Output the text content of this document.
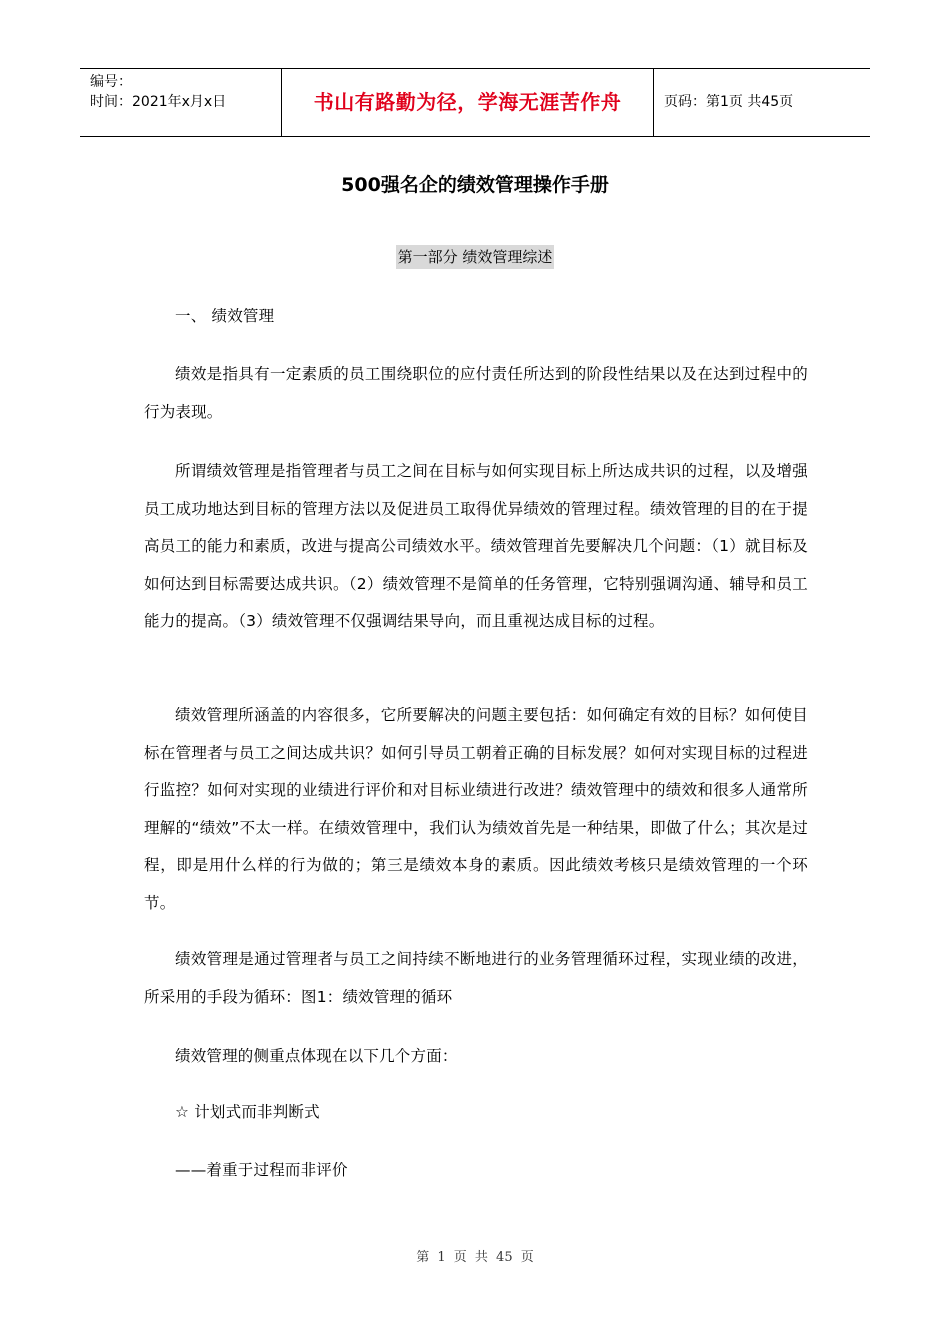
编号：
时间：2021年x月x日	书山有路勤为径，学海无涯苦作舟	页码：第1页 共45页
500强名企的绩效管理操作手册
第一部分 绩效管理综述

一、 绩效管理

绩效是指具有一定素质的员工围绕职位的应付责任所达到的阶段性结果以及在达到过程中的行为表现。

所谓绩效管理是指管理者与员工之间在目标与如何实现目标上所达成共识的过程，以及增强员工成功地达到目标的管理方法以及促进员工取得优异绩效的管理过程。绩效管理的目的在于提高员工的能力和素质，改进与提高公司绩效水平。绩效管理首先要解决几个问题：（1）就目标及如何达到目标需要达成共识。（2）绩效管理不是简单的任务管理，它特别强调沟通、辅导和员工能力的提高。（3）绩效管理不仅强调结果导向，而且重视达成目标的过程。

绩效管理所涵盖的内容很多，它所要解决的问题主要包括：如何确定有效的目标？如何使目标在管理者与员工之间达成共识？如何引导员工朝着正确的目标发展？如何对实现目标的过程进行监控？如何对实现的业绩进行评价和对目标业绩进行改进？绩效管理中的绩效和很多人通常所理解的“绩效”不太一样。在绩效管理中，我们认为绩效首先是一种结果，即做了什么；其次是过程，即是用什么样的行为做的；第三是绩效本身的素质。因此绩效考核只是绩效管理的一个环节。

绩效管理是通过管理者与员工之间持续不断地进行的业务管理循环过程，实现业绩的改进，所采用的手段为循环：图1：绩效管理的循环

绩效管理的侧重点体现在以下几个方面：

☆ 计划式而非判断式

——着重于过程而非评价

第 1 页 共 45 页
